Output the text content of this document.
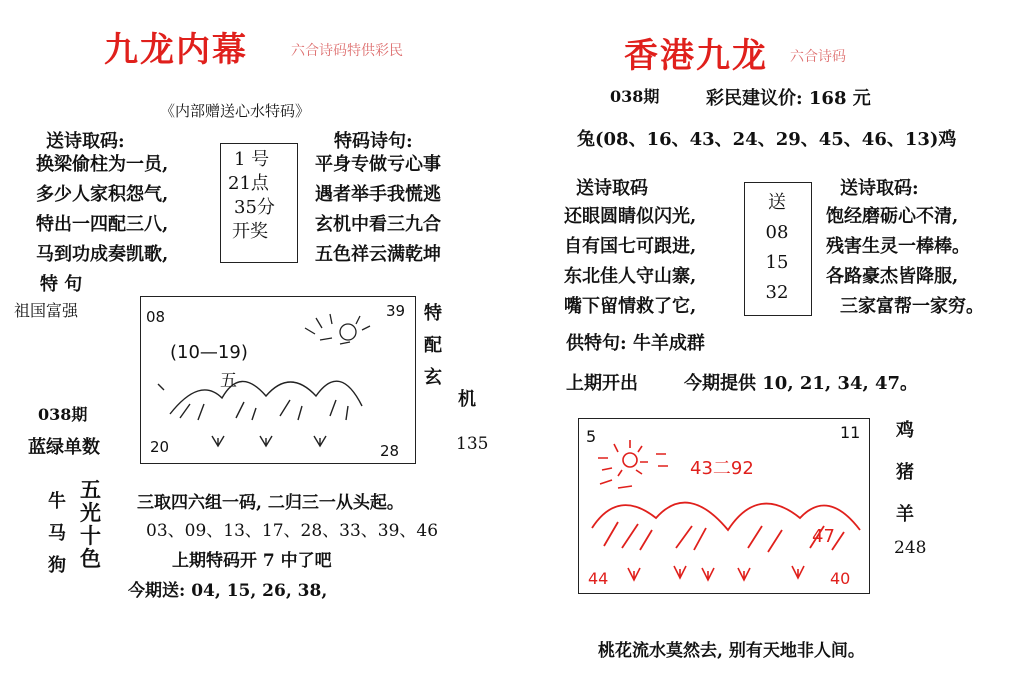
九龙内幕	六合诗码特供彩民
《内部赠送心水特码》
送诗取码:
换梁偷柱为一员,
多少人家积怨气,
特出一四配三八,
马到功成奏凯歌,
特 句
祖国富强
1 号
21点
35分
开奖
特码诗句:
平身专做亏心事
遇者举手我慌逃
玄机中看三九合
五色祥云满乾坤
特
配
玄
机
135
038期
蓝绿单数
08	39
(10—19)
五
20	28
牛
马
狗
五
光
十
色
三取四六组一码, 二归三一从头起。
03、09、13、17、28、33、39、46
上期特码开 7 中了吧
今期送: 04, 15, 26, 38,
香港九龙 六合诗码
038期	彩民建议价: 168 元
兔(08、16、43、24、29、45、46、13)鸡
送诗取码
还眼圆睛似闪光,
自有国七可跟进,
东北佳人守山寨,
嘴下留情救了它,
送
08
15
32
送诗取码:
饱经磨砺心不清,
残害生灵一棒棒。
各路豪杰皆降服,
三家富帮一家穷。
供特句: 牛羊成群
上期开出	今期提供 10, 21, 34, 47。
鸡
猪
羊
248
5	11
43二92
47
44	40
桃花流水莫然去, 别有天地非人间。
